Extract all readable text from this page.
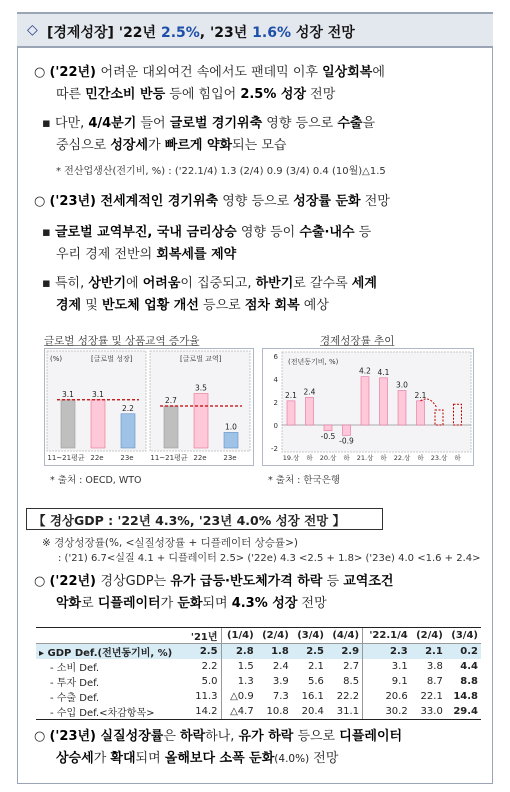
◇ [경제성장] '22년 2.5%, '23년 1.6% 성장 전망
○ ('22년) 어려운 대외여건 속에서도 팬데믹 이후 일상회복에
따른 민간소비 반등 등에 힘입어 2.5% 성장 전망
▪ 다만, 4/4분기 들어 글로벌 경기위축 영향 등으로 수출을
중심으로 성장세가 빠르게 약화되는 모습
* 전산업생산(전기비, %) : ('22.1/4) 1.3 (2/4) 0.9 (3/4) 0.4 (10월)△1.5
○ ('23년) 전세계적인 경기위축 영향 등으로 성장률 둔화 전망
▪ 글로벌 교역부진, 국내 금리상승 영향 등이 수출·내수 등
우리 경제 전반의 회복세를 제약
▪ 특히, 상반기에 어려움이 집중되고, 하반기로 갈수록 세계
경제 및 반도체 업황 개선 등으로 점차 회복 예상
글로벌 성장률 및 상품교역 증가율	경제성장률 추이
(%)	[글로벌 성장]
3.1 3.1
2.2
[글로벌 교역]
2.7
3.5
1.0
11~21평균 22e 23e 11~21평균 22e 23e
-2
0
2
4
6
(전년동기비, %)
2.1
19.상
2.4
하
-0.5
20.상
-0.9
하
4.2
21.상
4.1
하
3.0
22.상
2.1
하 23.상 하
* 출처 : OECD, WTO	* 출처 : 한국은행
【 경상GDP : '22년 4.3%, '23년 4.0% 성장 전망 】
※ 경상성장률(%, <실질성장률 + 디플레이터 상승률>)
: ('21) 6.7<실질 4.1 + 디플레이터 2.5> ('22e) 4.3 <2.5 + 1.8> ('23e) 4.0 <1.6 + 2.4>
○ ('22년) 경상GDP는 유가 급등·반도체가격 하락 등 교역조건
악화로 디플레이터가 둔화되며 4.3% 성장 전망
	'21년	(1/4)	(2/4)	(3/4)	(4/4)	'22.1/4	(2/4)	(3/4)
▸ GDP Def.(전년동기비, %)	2.5	2.8	1.8	2.5	2.9	2.3	2.1	0.2
- 소비 Def.	2.2	1.5	2.4	2.1	2.7	3.1	3.8	4.4
- 투자 Def.	5.0	1.3	3.9	5.6	8.5	9.1	8.7	8.8
- 수출 Def.	11.3	△0.9	7.3	16.1	22.2	20.6	22.1	14.8
- 수입 Def.<차감항목>	14.2	△4.7	10.8	20.4	31.1	30.2	33.0	29.4
○ ('23년) 실질성장률은 하락하나, 유가 하락 등으로 디플레이터
상승세가 확대되며 올해보다 소폭 둔화(4.0%) 전망
